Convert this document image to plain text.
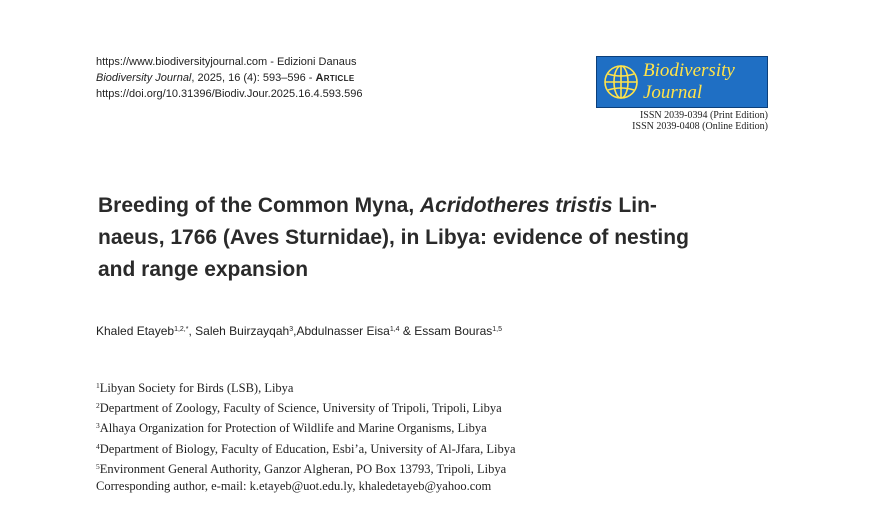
https://www.biodiversityjournal.com - Edizioni Danaus
Biodiversity Journal, 2025, 16 (4): 593–596 - Article
https://doi.org/10.31396/Biodiv.Jour.2025.16.4.593.596
Biodiversity
Journal
ISSN 2039-0394 (Print Edition)
ISSN 2039-0408 (Online Edition)
Breeding of the Common Myna, Acridotheres tristis Lin-
naeus, 1766 (Aves Sturnidae), in Libya: evidence of nesting
and range expansion
Khaled Etayeb$^{1,2,*}$, Saleh Buirzayqah$^3$,Abdulnasser Eisa$^{1,4}$ & Essam Bouras$^{1,5}$
$^1$Libyan Society for Birds (LSB), Libya
$^2$Department of Zoology, Faculty of Science, University of Tripoli, Tripoli, Libya
$^3$Alhaya Organization for Protection of Wildlife and Marine Organisms, Libya
$^4$Department of Biology, Faculty of Education, Esbi’a, University of Al-Jfara, Libya
$^5$Environment General Authority, Ganzor Algheran, PO Box 13793, Tripoli, Libya
Corresponding author, e-mail: k.etayeb@uot.edu.ly, khaledetayeb@yahoo.com
